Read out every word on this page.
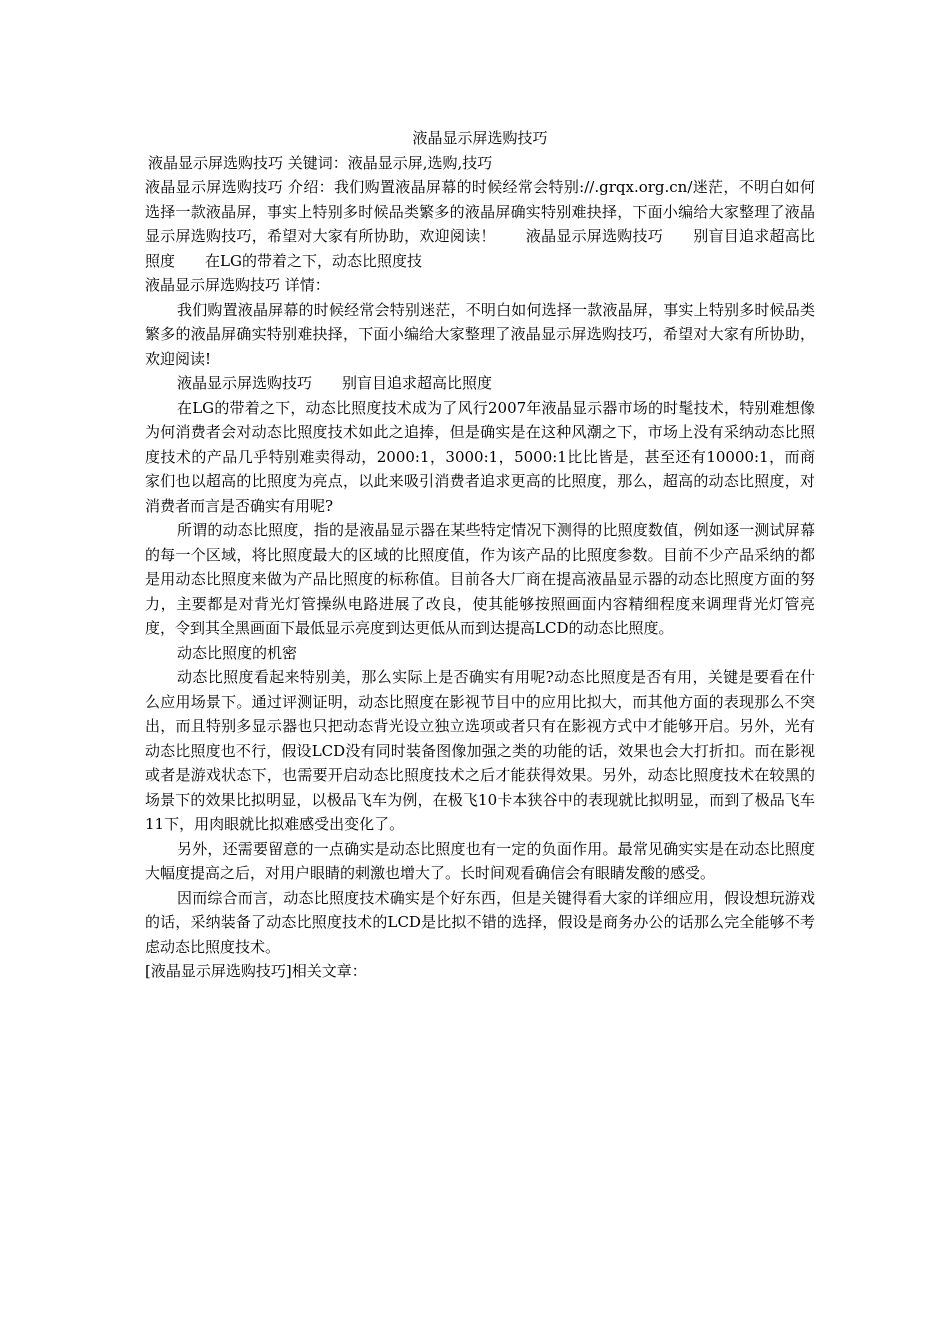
液晶显示屏选购技巧

液晶显示屏选购技巧 关键词：液晶显示屏,选购,技巧

液晶显示屏选购技巧 介绍：我们购置液晶屏幕的时候经常会特别://.grqx.org.cn/迷茫，不明白如何选择一款液晶屏，事实上特别多时候品类繁多的液晶屏确实特别难抉择，下面小编给大家整理了液晶显示屏选购技巧，希望对大家有所协助，欢迎阅读！ 液晶显示屏选购技巧 别盲目追求超高比照度 在LG的带着之下，动态比照度技

液晶显示屏选购技巧 详情：

我们购置液晶屏幕的时候经常会特别迷茫，不明白如何选择一款液晶屏，事实上特别多时候品类繁多的液晶屏确实特别难抉择，下面小编给大家整理了液晶显示屏选购技巧，希望对大家有所协助，欢迎阅读!

液晶显示屏选购技巧 别盲目追求超高比照度

在LG的带着之下，动态比照度技术成为了风行2007年液晶显示器市场的时髦技术，特别难想像为何消费者会对动态比照度技术如此之追捧，但是确实是在这种风潮之下，市场上没有采纳动态比照度技术的产品几乎特别难卖得动，2000:1，3000:1，5000:1比比皆是，甚至还有10000:1，而商家们也以超高的比照度为亮点，以此来吸引消费者追求更高的比照度，那么，超高的动态比照度，对消费者而言是否确实有用呢?

所谓的动态比照度，指的是液晶显示器在某些特定情况下测得的比照度数值，例如逐一测试屏幕的每一个区域，将比照度最大的区域的比照度值，作为该产品的比照度参数。目前不少产品采纳的都是用动态比照度来做为产品比照度的标称值。目前各大厂商在提高液晶显示器的动态比照度方面的努力，主要都是对背光灯管操纵电路进展了改良，使其能够按照画面内容精细程度来调理背光灯管亮度，令到其全黑画面下最低显示亮度到达更低从而到达提高LCD的动态比照度。

动态比照度的机密

动态比照度看起来特别美，那么实际上是否确实有用呢?动态比照度是否有用，关键是要看在什么应用场景下。通过评测证明，动态比照度在影视节目中的应用比拟大，而其他方面的表现那么不突出，而且特别多显示器也只把动态背光设立独立选项或者只有在影视方式中才能够开启。另外，光有动态比照度也不行，假设LCD没有同时装备图像加强之类的功能的话，效果也会大打折扣。而在影视或者是游戏状态下，也需要开启动态比照度技术之后才能获得效果。另外，动态比照度技术在较黑的场景下的效果比拟明显，以极品飞车为例，在极飞10卡本狭谷中的表现就比拟明显，而到了极品飞车11下，用肉眼就比拟难感受出变化了。

另外，还需要留意的一点确实是动态比照度也有一定的负面作用。最常见确实实是在动态比照度大幅度提高之后，对用户眼睛的刺激也增大了。长时间观看确信会有眼睛发酸的感受。

因而综合而言，动态比照度技术确实是个好东西，但是关键得看大家的详细应用，假设想玩游戏的话，采纳装备了动态比照度技术的LCD是比拟不错的选择，假设是商务办公的话那么完全能够不考虑动态比照度技术。

[液晶显示屏选购技巧]相关文章：
